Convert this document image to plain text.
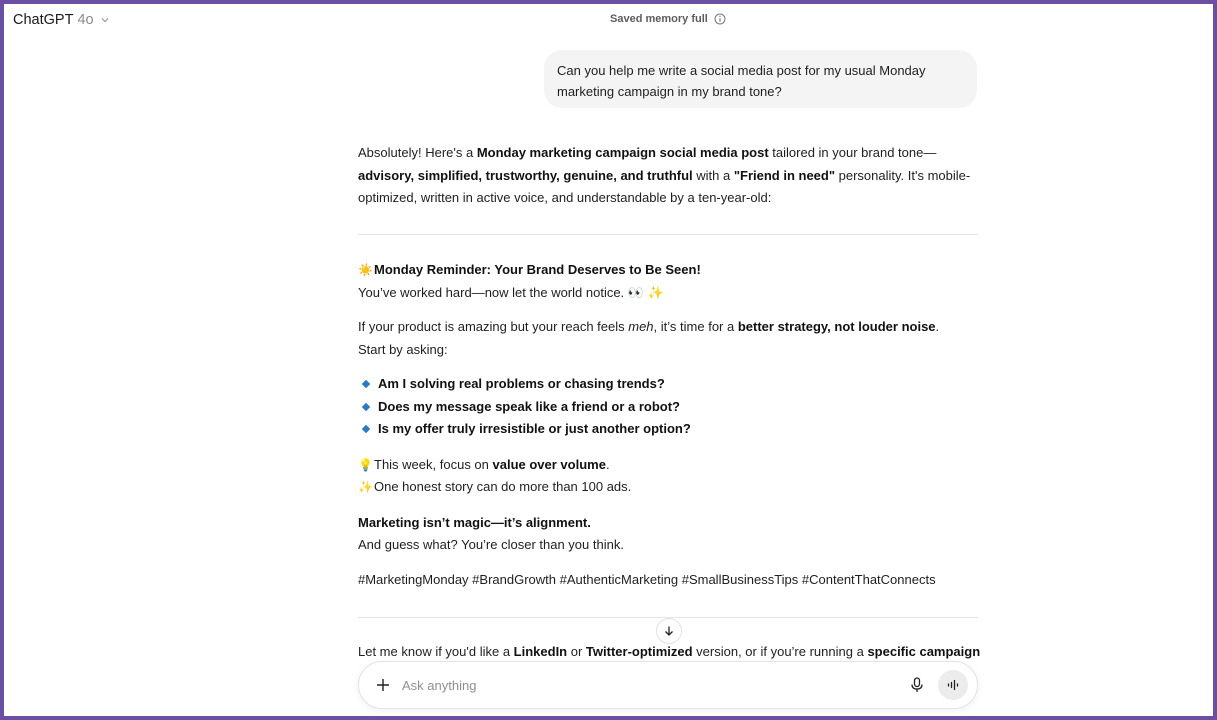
ChatGPT 4o	Saved memory full
Can you help me write a social media post for my usual Monday marketing campaign in my brand tone?
Absolutely! Here's a Monday marketing campaign social media post tailored in your brand tone—advisory, simplified, trustworthy, genuine, and truthful with a "Friend in need" personality. It's mobile-optimized, written in active voice, and understandable by a ten-year-old:
☀️Monday Reminder: Your Brand Deserves to Be Seen!
You’ve worked hard—now let the world notice. 👀 ✨
If your product is amazing but your reach feels meh, it’s time for a better strategy, not louder noise.
Start by asking:
Am I solving real problems or chasing trends?
Does my message speak like a friend or a robot?
Is my offer truly irresistible or just another option?
💡This week, focus on value over volume.
✨One honest story can do more than 100 ads.
Marketing isn’t magic—it’s alignment.
And guess what? You’re closer than you think.
#MarketingMonday #BrandGrowth #AuthenticMarketing #SmallBusinessTips #ContentThatConnects
Let me know if you'd like a LinkedIn or Twitter-optimized version, or if you’re running a specific campaign
Ask anything
